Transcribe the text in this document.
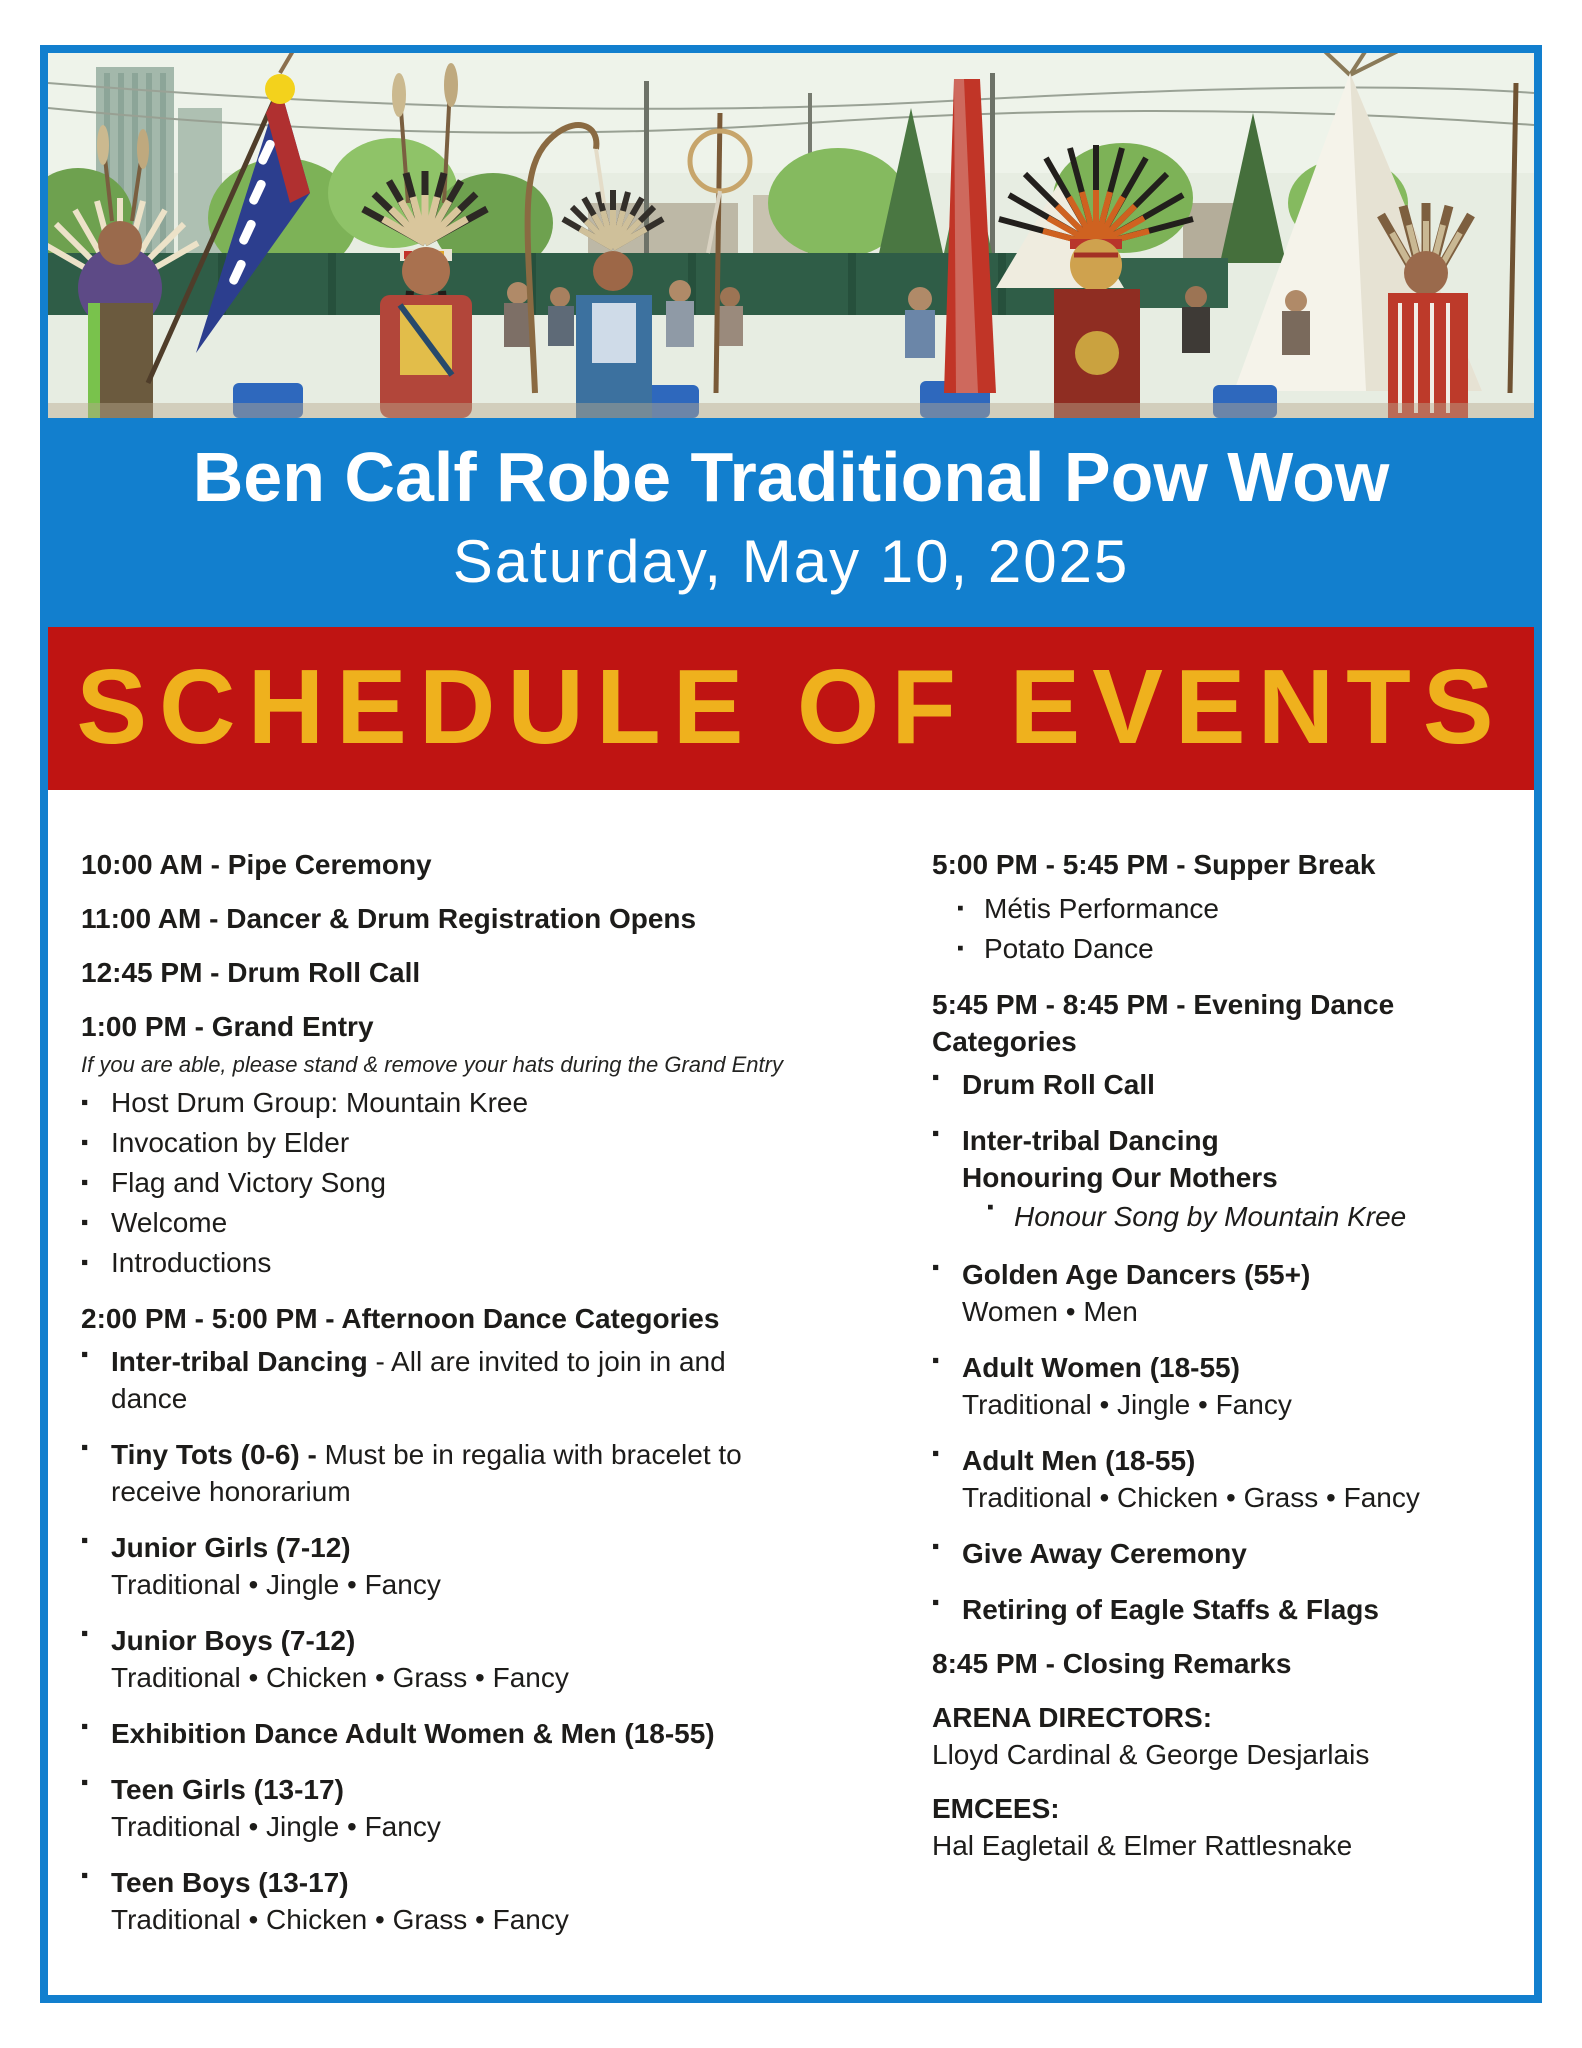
Ben Calf Robe Traditional Pow Wow
Saturday, May 10, 2025
SCHEDULE OF EVENTS
10:00 AM - Pipe Ceremony
11:00 AM - Dancer & Drum Registration Opens
12:45 PM - Drum Roll Call
1:00 PM - Grand Entry
If you are able, please stand & remove your hats during the Grand Entry
▪ Host Drum Group: Mountain Kree
▪ Invocation by Elder
▪ Flag and Victory Song
▪ Welcome
▪ Introductions
2:00 PM - 5:00 PM - Afternoon Dance Categories
▪ Inter-tribal Dancing - All are invited to join in and
dance
▪ Tiny Tots (0-6) - Must be in regalia with bracelet to
receive honorarium
▪ Junior Girls (7-12)
Traditional • Jingle • Fancy
▪ Junior Boys (7-12)
Traditional • Chicken • Grass • Fancy
▪ Exhibition Dance Adult Women & Men (18-55)
▪ Teen Girls (13-17)
Traditional • Jingle • Fancy
▪ Teen Boys (13-17)
Traditional • Chicken • Grass • Fancy
5:00 PM - 5:45 PM - Supper Break
▪ Métis Performance
▪ Potato Dance
5:45 PM - 8:45 PM - Evening Dance
Categories
▪ Drum Roll Call
▪ Inter-tribal Dancing
Honouring Our Mothers
▪ Honour Song by Mountain Kree
▪ Golden Age Dancers (55+)
Women • Men
▪ Adult Women (18-55)
Traditional • Jingle • Fancy
▪ Adult Men (18-55)
Traditional • Chicken • Grass • Fancy
▪ Give Away Ceremony
▪ Retiring of Eagle Staffs & Flags
8:45 PM - Closing Remarks
ARENA DIRECTORS:
Lloyd Cardinal & George Desjarlais
EMCEES:
Hal Eagletail & Elmer Rattlesnake
